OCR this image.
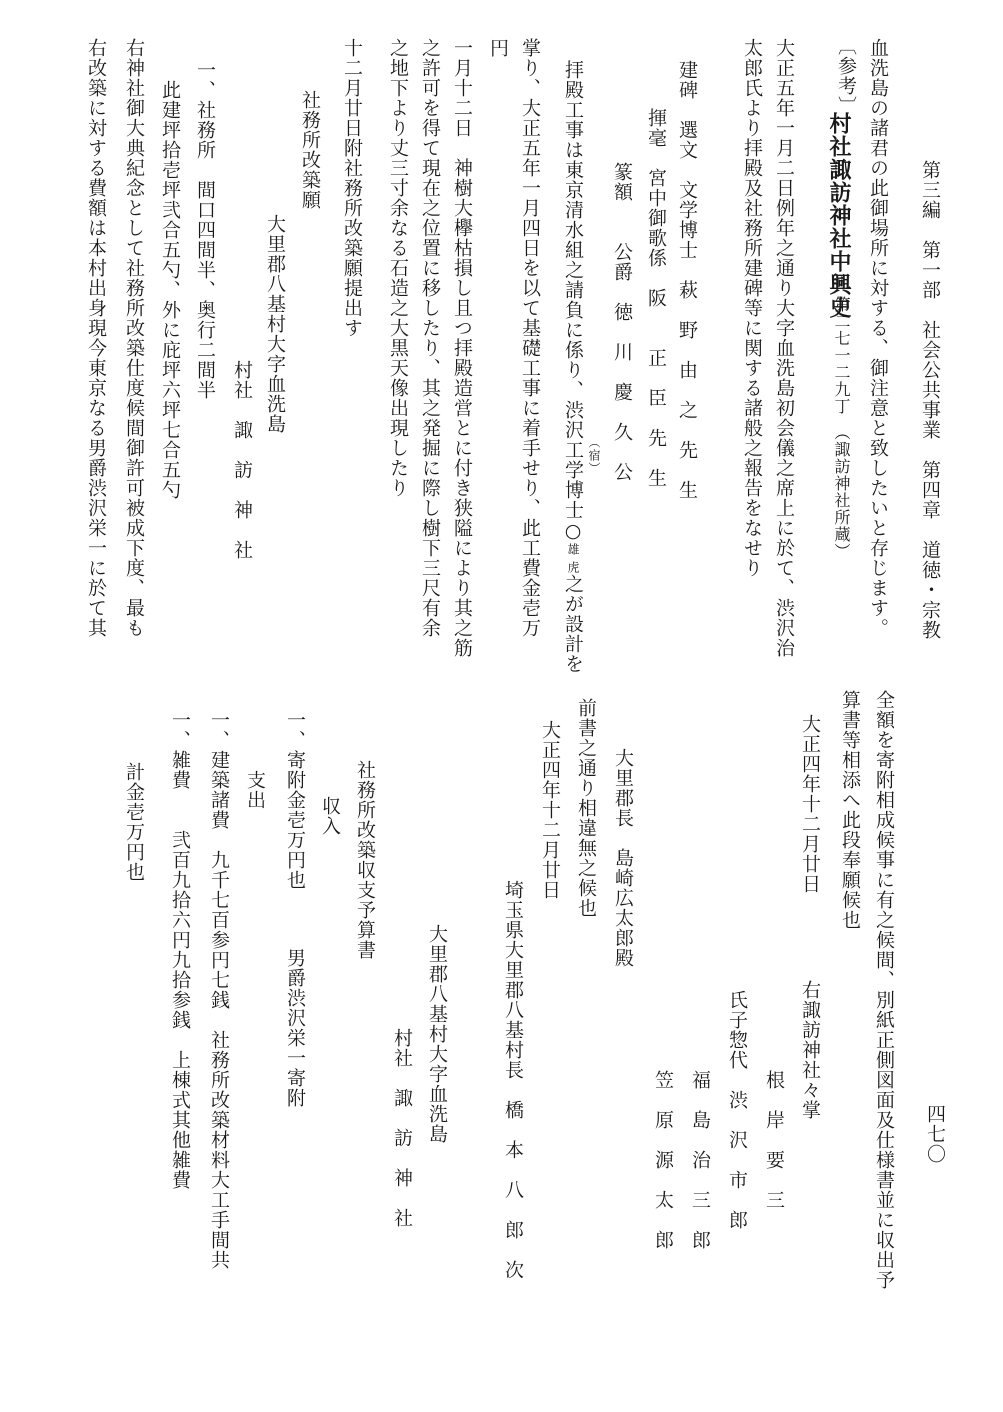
第三編　第一部　社会公共事業　第四章　道徳・宗教
血洗島の諸君の此御場所に対する、御注意と致したいと存じます。
〔参考〕
村社諏訪神社中興史
第二七一二九丁
（諏訪神社所蔵）
大正五年一月二日例年之通り大字血洗島初会儀之席上に於て、渋沢治
太郎氏より拝殿及社務所建碑等に関する諸般之報告をなせり
建碑　選文　文学博士　萩　野　由　之　先　生
揮毫　宮中御歌係　阪　　正　臣　先　生
篆額　　公爵　徳　川　慶　久　公
拝殿工事は東京清水組之請負に係り、渋沢工学博士○雄 虎之が設計を
（宿）
掌り、大正五年一月四日を以て基礎工事に着手せり、此工費金壱万
円
一月十二日　神樹大欅枯損し且つ拝殿造営とに付き狭隘により其之筋
之許可を得て現在之位置に移したり、其之発掘に際し樹下三尺有余
之地下より丈三寸余なる石造之大黒天像出現したり
十二月廿日附社務所改築願提出す
社務所改築願
大里郡八基村大字血洗島
村社　諏　訪　神　社
一、社務所　間口四間半、奥行二間半
此建坪拾壱坪弐合五勺、外に庇坪六坪七合五勺
右神社御大典紀念として社務所改築仕度候間御許可被成下度、最も
右改築に対する費額は本村出身現今東京なる男爵渋沢栄一に於て其
四七〇
全額を寄附相成候事に有之候間、別紙正側図面及仕様書並に収出予
算書等相添へ此段奉願候也
大正四年十二月廿日
右諏訪神社々掌
根　岸　要　三
氏子惣代
渋　沢　市　郎
福　島　治　三　郎
笠　原　源　太　郎
大里郡長　島崎広太郎殿
前書之通り相違無之候也
大正四年十二月廿日
埼玉県大里郡八基村長　橋　本　八　郎　次
大里郡八基村大字血洗島
村社　諏　訪　神　社
社務所改築収支予算書
収入
一、寄附金壱万円也
男爵渋沢栄一寄附
支出
一、建築諸費　九千七百参円七銭　社務所改築材料大工手間共
一、雑費　　弐百九拾六円九拾参銭　上棟式其他雑費
計金壱万円也
